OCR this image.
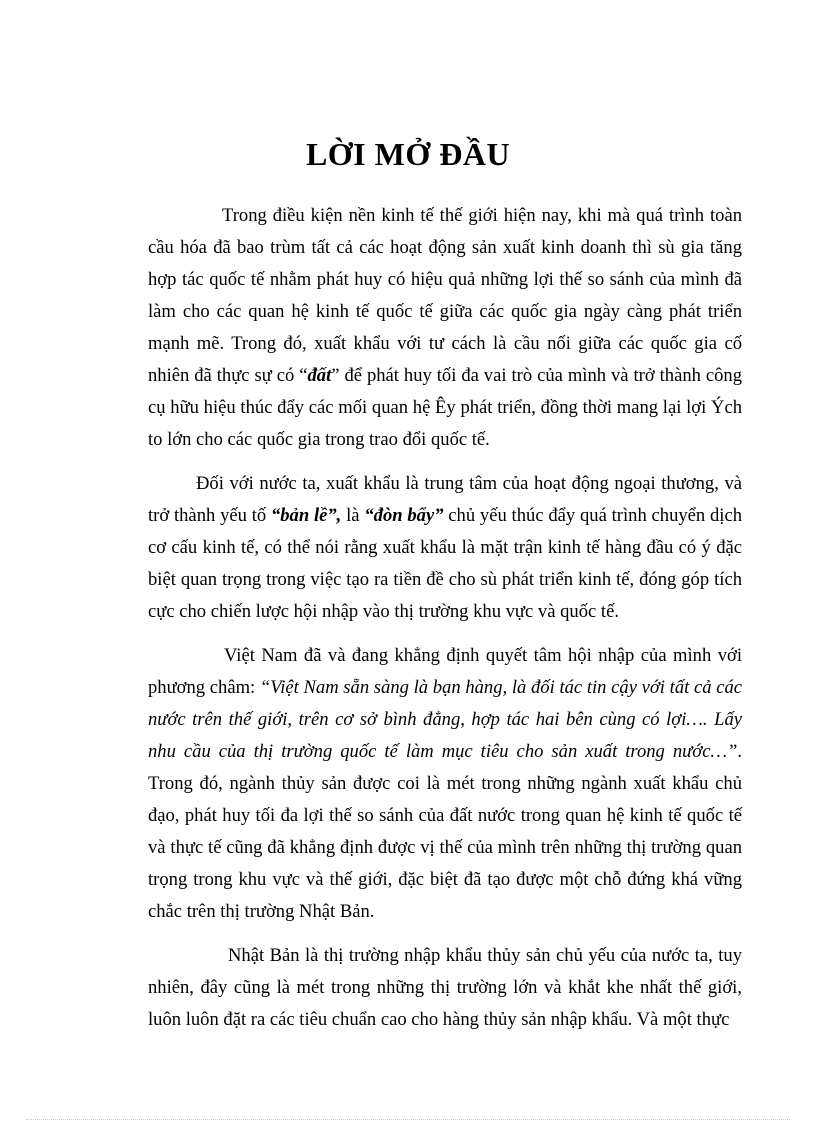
LỜI MỞ ĐẦU

Trong điều kiện nền kinh tế thế giới hiện nay, khi mà quá trình toàn cầu hóa đã bao trùm tất cả các hoạt động sản xuất kinh doanh thì sù gia tăng hợp tác quốc tế nhằm phát huy có hiệu quả những lợi thế so sánh của mình đã làm cho các quan hệ kinh tế quốc tế giữa các quốc gia ngày càng phát triển mạnh mẽ. Trong đó, xuất khẩu với tư cách là cầu nối giữa các quốc gia cố nhiên đã thực sự có “đất” để phát huy tối đa vai trò của mình và trở thành công cụ hữu hiệu thúc đẩy các mối quan hệ Êy phát triển, đồng thời mang lại lợi Ých to lớn cho các quốc gia trong trao đổi quốc tế.

Đối với nước ta, xuất khẩu là trung tâm của hoạt động ngoại thương, và trở thành yếu tố “bản lề”, là “đòn bẩy” chủ yếu thúc đẩy quá trình chuyển dịch cơ cấu kinh tế, có thể nói rằng xuất khẩu là mặt trận kinh tế hàng đầu có ý đặc biệt quan trọng trong việc tạo ra tiền đề cho sù phát triển kinh tế, đóng góp tích cực cho chiến lược hội nhập vào thị trường khu vực và quốc tế.

Việt Nam đã và đang khẳng định quyết tâm hội nhập của mình với phương châm: “Việt Nam sẵn sàng là bạn hàng, là đối tác tin cậy với tất cả các nước trên thế giới, trên cơ sở bình đẳng, hợp tác hai bên cùng có lợi…. Lấy nhu cầu của thị trường quốc tế làm mục tiêu cho sản xuất trong nước…”. Trong đó, ngành thủy sản được coi là mét trong những ngành xuất khẩu chủ đạo, phát huy tối đa lợi thế so sánh của đất nước trong quan hệ kinh tế quốc tế và thực tế cũng đã khẳng định được vị thế của mình trên những thị trường quan trọng trong khu vực và thế giới, đặc biệt đã tạo được một chỗ đứng khá vững chắc trên thị trường Nhật Bản.

Nhật Bản là thị trường nhập khẩu thủy sản chủ yếu của nước ta, tuy nhiên, đây cũng là mét trong những thị trường lớn và khắt khe nhất thế giới, luôn luôn đặt ra các tiêu chuẩn cao cho hàng thủy sản nhập khẩu. Và một thực
